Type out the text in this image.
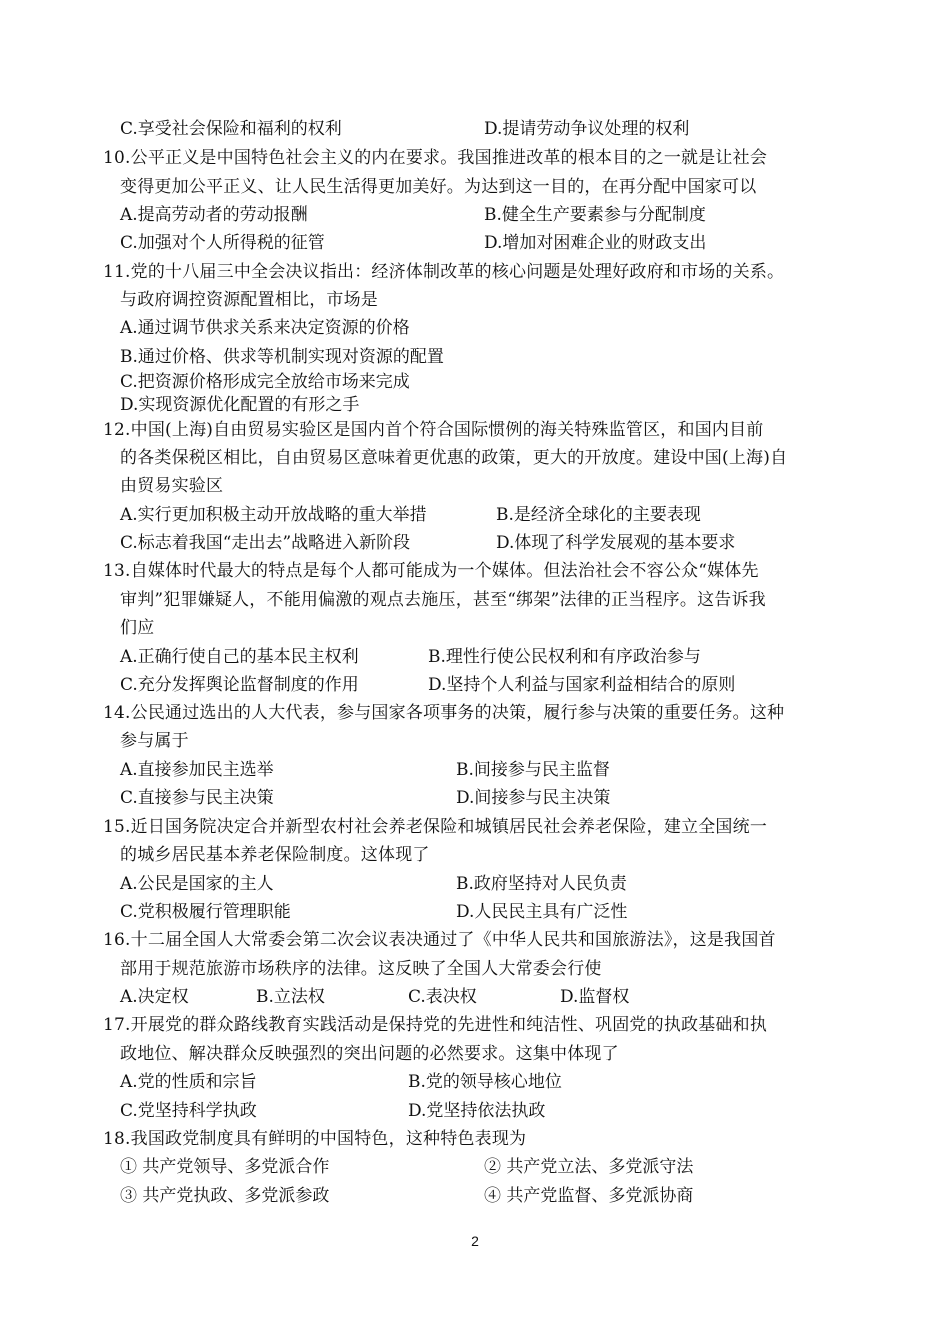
C.享受社会保险和福利的权利	D.提请劳动争议处理的权利
10.公平正义是中国特色社会主义的内在要求。我国推进改革的根本目的之一就是让社会
变得更加公平正义、让人民生活得更加美好。为达到这一目的，在再分配中国家可以
A.提高劳动者的劳动报酬	B.健全生产要素参与分配制度
C.加强对个人所得税的征管	D.增加对困难企业的财政支出
11.党的十八届三中全会决议指出：经济体制改革的核心问题是处理好政府和市场的关系。
与政府调控资源配置相比，市场是
A.通过调节供求关系来决定资源的价格
B.通过价格、供求等机制实现对资源的配置
C.把资源价格形成完全放给市场来完成
D.实现资源优化配置的有形之手
12.中国(上海)自由贸易实验区是国内首个符合国际惯例的海关特殊监管区，和国内目前
的各类保税区相比，自由贸易区意味着更优惠的政策，更大的开放度。建设中国(上海)自
由贸易实验区
A.实行更加积极主动开放战略的重大举措	B.是经济全球化的主要表现
C.标志着我国“走出去”战略进入新阶段	D.体现了科学发展观的基本要求
13.自媒体时代最大的特点是每个人都可能成为一个媒体。但法治社会不容公众“媒体先
审判”犯罪嫌疑人，不能用偏激的观点去施压，甚至“绑架”法律的正当程序。这告诉我
们应
A.正确行使自己的基本民主权利	B.理性行使公民权利和有序政治参与
C.充分发挥舆论监督制度的作用	D.坚持个人利益与国家利益相结合的原则
14.公民通过选出的人大代表，参与国家各项事务的决策，履行参与决策的重要任务。这种
参与属于
A.直接参加民主选举	B.间接参与民主监督
C.直接参与民主决策	D.间接参与民主决策
15.近日国务院决定合并新型农村社会养老保险和城镇居民社会养老保险，建立全国统一
的城乡居民基本养老保险制度。这体现了
A.公民是国家的主人	B.政府坚持对人民负责
C.党积极履行管理职能	D.人民民主具有广泛性
16.十二届全国人大常委会第二次会议表决通过了《中华人民共和国旅游法》，这是我国首
部用于规范旅游市场秩序的法律。这反映了全国人大常委会行使
A.决定权	B.立法权	C.表决权	D.监督权
17.开展党的群众路线教育实践活动是保持党的先进性和纯洁性、巩固党的执政基础和执
政地位、解决群众反映强烈的突出问题的必然要求。这集中体现了
A.党的性质和宗旨	B.党的领导核心地位
C.党坚持科学执政	D.党坚持依法执政
18.我国政党制度具有鲜明的中国特色，这种特色表现为
① 共产党领导、多党派合作	② 共产党立法、多党派守法
③ 共产党执政、多党派参政	④ 共产党监督、多党派协商
2
